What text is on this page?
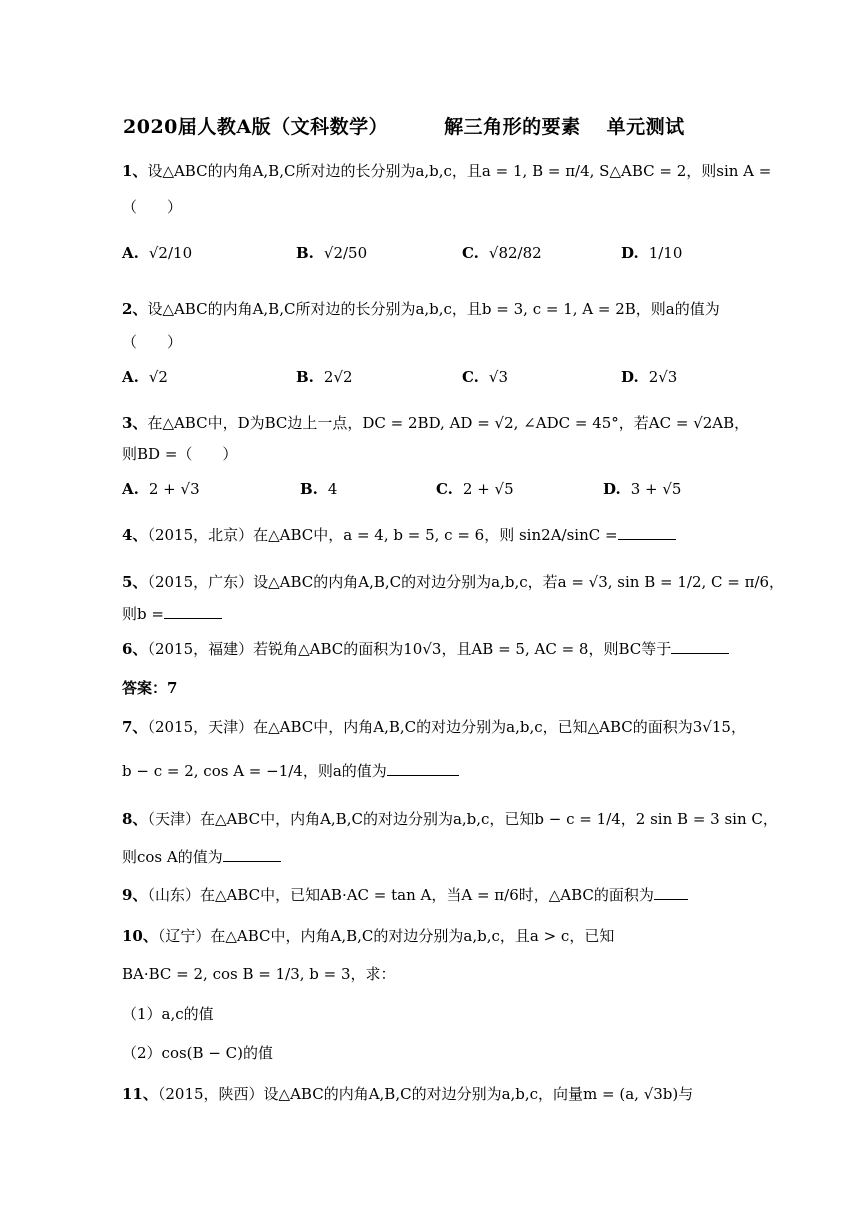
2020届人教A版（文科数学）	解三角形的要素 单元测试
1、设△ABC的内角A,B,C所对边的长分别为a,b,c，且a = 1, B = π/4, S△ABC = 2，则sin A =
（　　）
A. √2/10	B. √2/50	C. √82/82	D. 1/10
2、设△ABC的内角A,B,C所对边的长分别为a,b,c，且b = 3, c = 1, A = 2B，则a的值为
（　　）
A. √2	B. 2√2	C. √3	D. 2√3
3、在△ABC中，D为BC边上一点，DC = 2BD, AD = √2, ∠ADC = 45°，若AC = √2AB，
则BD =（　　）
A. 2 + √3	B. 4	C. 2 + √5	D. 3 + √5
4、（2015，北京）在△ABC中，a = 4, b = 5, c = 6，则 sin2A/sinC =
5、（2015，广东）设△ABC的内角A,B,C的对边分别为a,b,c，若a = √3, sin B = 1/2, C = π/6，
则b =
6、（2015，福建）若锐角△ABC的面积为10√3，且AB = 5, AC = 8，则BC等于
答案：7
7、（2015，天津）在△ABC中，内角A,B,C的对边分别为a,b,c，已知△ABC的面积为3√15，
b − c = 2, cos A = −1/4，则a的值为
8、（天津）在△ABC中，内角A,B,C的对边分别为a,b,c，已知b − c = 1/4，2 sin B = 3 sin C，
则cos A的值为
9、（山东）在△ABC中，已知AB·AC = tan A，当A = π/6时，△ABC的面积为
10、（辽宁）在△ABC中，内角A,B,C的对边分别为a,b,c，且a > c，已知
BA·BC = 2, cos B = 1/3, b = 3，求：
（1）a,c的值
（2）cos(B − C)的值
11、（2015，陕西）设△ABC的内角A,B,C的对边分别为a,b,c，向量m = (a, √3b)与
